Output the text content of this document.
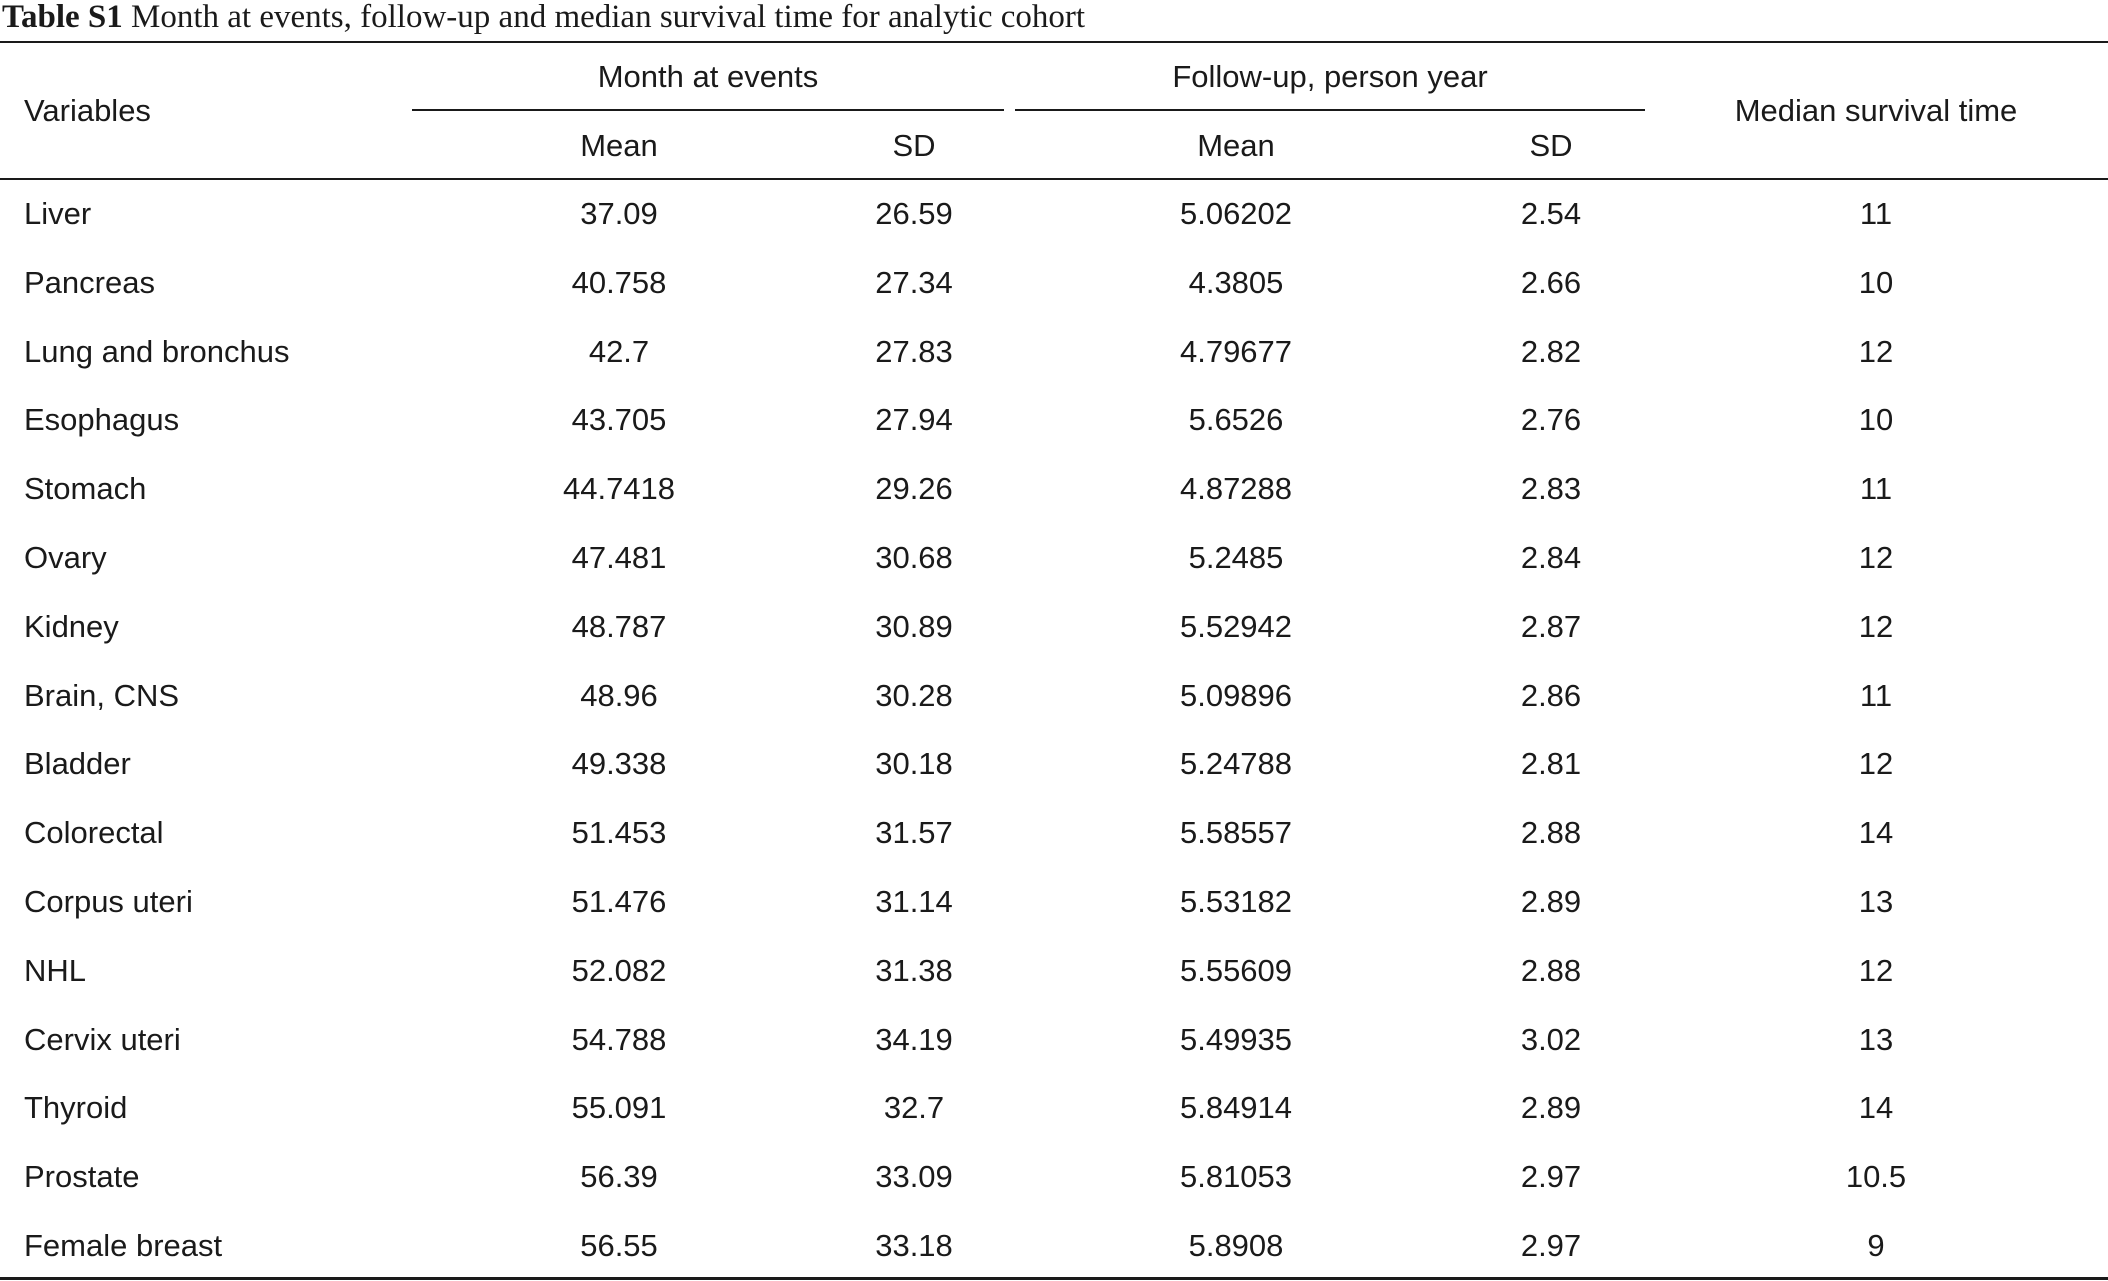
Table S1 Month at events, follow-up and median survival time for analytic cohort
Variables
Month at events	Follow-up, person year
Median survival time
Mean	SD	Mean	SD
Liver	37.09	26.59	5.06202	2.54	11
Pancreas	40.758	27.34	4.3805	2.66	10
Lung and bronchus	42.7	27.83	4.79677	2.82	12
Esophagus	43.705	27.94	5.6526	2.76	10
Stomach	44.7418	29.26	4.87288	2.83	11
Ovary	47.481	30.68	5.2485	2.84	12
Kidney	48.787	30.89	5.52942	2.87	12
Brain, CNS	48.96	30.28	5.09896	2.86	11
Bladder	49.338	30.18	5.24788	2.81	12
Colorectal	51.453	31.57	5.58557	2.88	14
Corpus uteri	51.476	31.14	5.53182	2.89	13
NHL	52.082	31.38	5.55609	2.88	12
Cervix uteri	54.788	34.19	5.49935	3.02	13
Thyroid	55.091	32.7	5.84914	2.89	14
Prostate	56.39	33.09	5.81053	2.97	10.5
Female breast	56.55	33.18	5.8908	2.97	9
